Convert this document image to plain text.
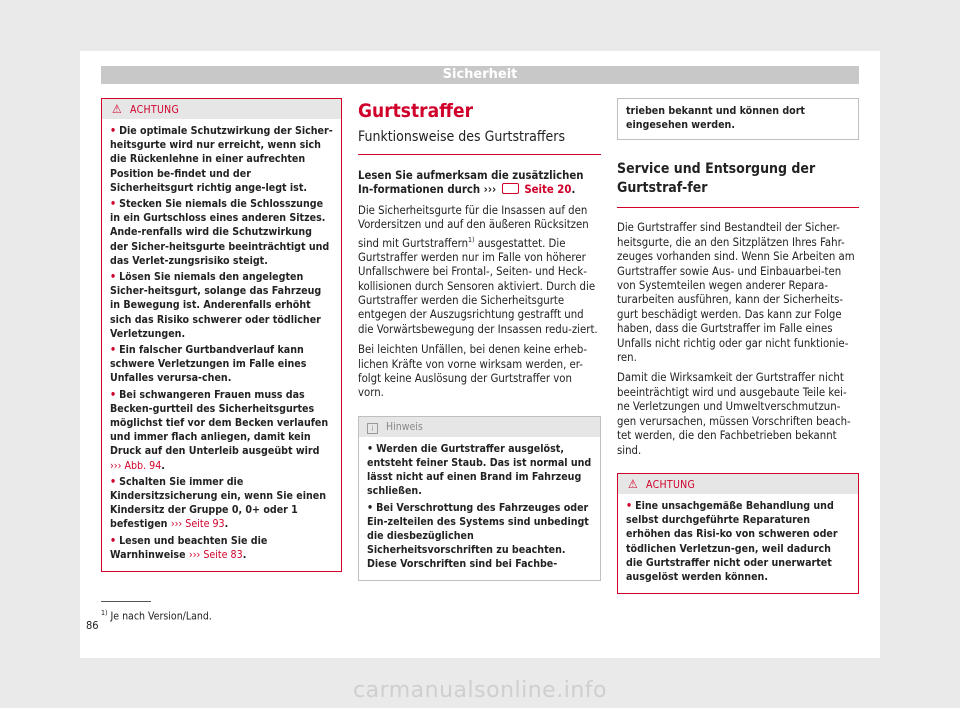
Sicherheit
⚠ ACHTUNG
• Die optimale Schutzwirkung der Sicher-heitsgurte wird nur erreicht, wenn sich die Rückenlehne in einer aufrechten Position be-findet und der Sicherheitsgurt richtig ange-legt ist.
• Stecken Sie niemals die Schlosszunge in ein Gurtschloss eines anderen Sitzes. Ande-renfalls wird die Schutzwirkung der Sicher-heitsgurte beeinträchtigt und das Verlet-zungsrisiko steigt.
• Lösen Sie niemals den angelegten Sicher-heitsgurt, solange das Fahrzeug in Bewegung ist. Anderenfalls erhöht sich das Risiko schwerer oder tödlicher Verletzungen.
• Ein falscher Gurtbandverlauf kann schwere Verletzungen im Falle eines Unfalles verursa-chen.
• Bei schwangeren Frauen muss das Becken-gurtteil des Sicherheitsgurtes möglichst tief vor dem Becken verlaufen und immer flach anliegen, damit kein Druck auf den Unterleib ausgeübt wird ››› Abb. 94.
• Schalten Sie immer die Kindersitzsicherung ein, wenn Sie einen Kindersitz der Gruppe 0, 0+ oder 1 befestigen ››› Seite 93.
• Lesen und beachten Sie die Warnhinweise ››› Seite 83.
Gurtstraffer
Funktionsweise des Gurtstraffers

Lesen Sie aufmerksam die zusätzlichen In-formationen durch ››› Seite 20.

Die Sicherheitsgurte für die Insassen auf den Vordersitzen und auf den äußeren Rücksitzen sind mit Gurtstraffern$^{1)}$ ausgestattet. Die Gurtstraffer werden nur im Falle von höherer Unfallschwere bei Frontal-, Seiten- und Heck-kollisionen durch Sensoren aktiviert. Durch die Gurtstraffer werden die Sicherheitsgurte entgegen der Auszugsrichtung gestrafft und die Vorwärtsbewegung der Insassen redu-ziert.

Bei leichten Unfällen, bei denen keine erheb-lichen Kräfte von vorne wirksam werden, er-folgt keine Auslösung der Gurtstraffer von vorn.

i Hinweis
• Werden die Gurtstraffer ausgelöst, entsteht feiner Staub. Das ist normal und lässt nicht auf einen Brand im Fahrzeug schließen.
• Bei Verschrottung des Fahrzeuges oder Ein-zelteilen des Systems sind unbedingt die diesbezüglichen Sicherheitsvorschriften zu beachten. Diese Vorschriften sind bei Fachbe-
trieben bekannt und können dort eingesehen werden.
Service und Entsorgung der Gurtstraf-fer

Die Gurtstraffer sind Bestandteil der Sicher-heitsgurte, die an den Sitzplätzen Ihres Fahr-zeuges vorhanden sind. Wenn Sie Arbeiten am Gurtstraffer sowie Aus- und Einbauarbei-ten von Systemteilen wegen anderer Repara-turarbeiten ausführen, kann der Sicherheits-gurt beschädigt werden. Das kann zur Folge haben, dass die Gurtstraffer im Falle eines Unfalls nicht richtig oder gar nicht funktionie-ren.

Damit die Wirksamkeit der Gurtstraffer nicht beeinträchtigt wird und ausgebaute Teile kei-ne Verletzungen und Umweltverschmutzun-gen verursachen, müssen Vorschriften beach-tet werden, die den Fachbetrieben bekannt sind.

⚠ ACHTUNG
• Eine unsachgemäße Behandlung und selbst durchgeführte Reparaturen erhöhen das Risi-ko von schweren oder tödlichen Verletzun-gen, weil dadurch die Gurtstraffer nicht oder unerwartet ausgelöst werden können.
$^{1)}$ Je nach Version/Land.
86
carmanualsonline.info
